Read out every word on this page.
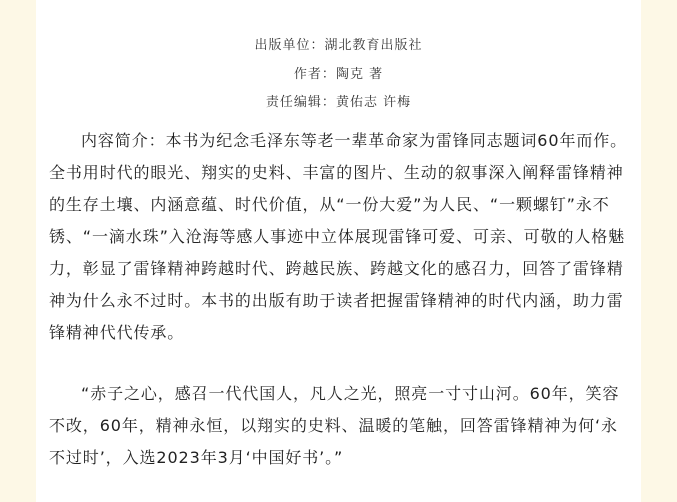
出版单位：湖北教育出版社
作者：陶克 著
责任编辑：黄佑志 许梅

内容简介：本书为纪念毛泽东等老一辈革命家为雷锋同志题词60年而作。全书用时代的眼光、翔实的史料、丰富的图片、生动的叙事深入阐释雷锋精神的生存土壤、内涵意蕴、时代价值，从“一份大爱”为人民、“一颗螺钉”永不锈、“一滴水珠”入沧海等感人事迹中立体展现雷锋可爱、可亲、可敬的人格魅力，彰显了雷锋精神跨越时代、跨越民族、跨越文化的感召力，回答了雷锋精神为什么永不过时。本书的出版有助于读者把握雷锋精神的时代内涵，助力雷锋精神代代传承。

“赤子之心，感召一代代国人，凡人之光，照亮一寸寸山河。60年，笑容不改，60年，精神永恒，以翔实的史料、温暖的笔触，回答雷锋精神为何‘永不过时’，入选2023年3月‘中国好书’。”
